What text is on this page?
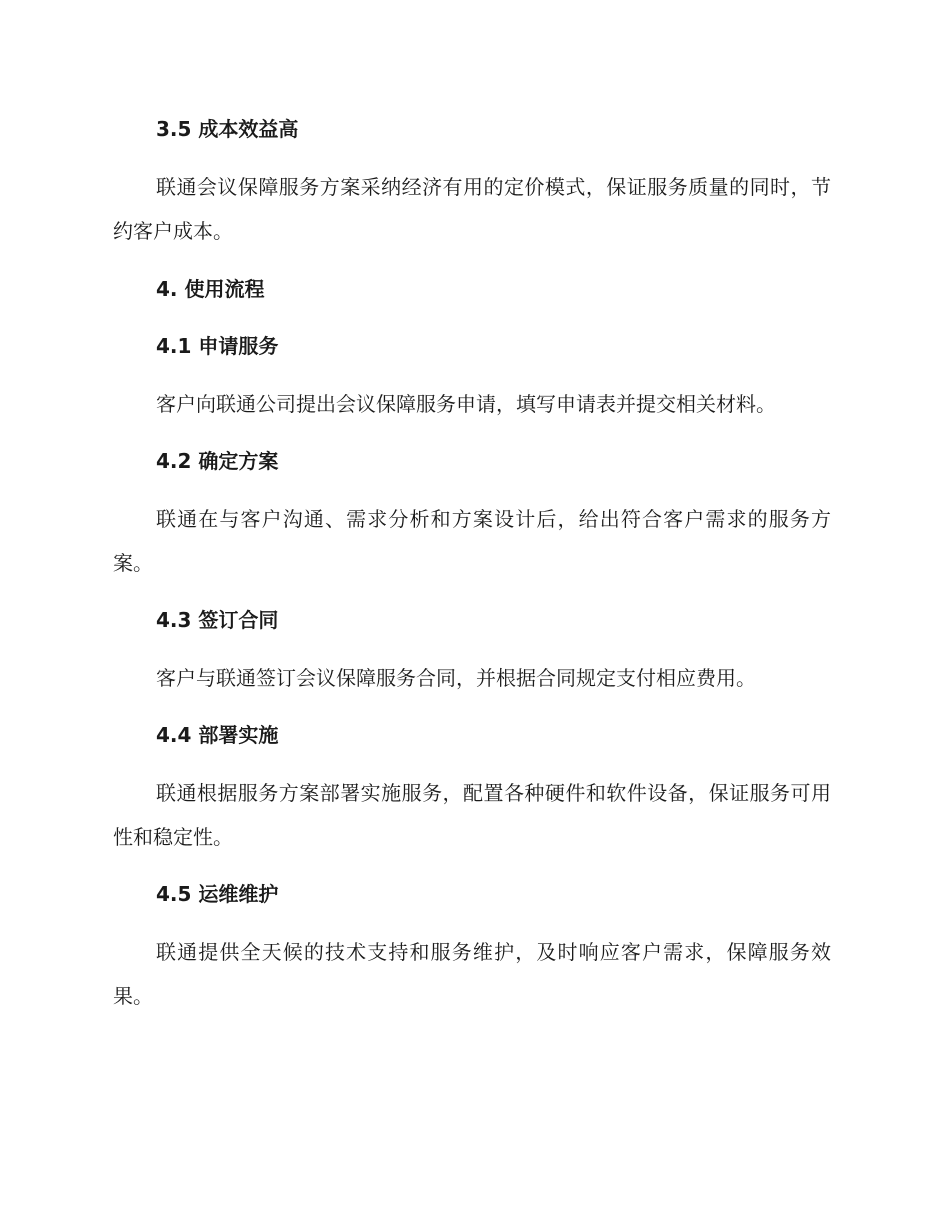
3.5 成本效益高
联通会议保障服务方案采纳经济有用的定价模式，保证服务质量的同时，节约客户成本。
4. 使用流程
4.1 申请服务
客户向联通公司提出会议保障服务申请，填写申请表并提交相关材料。
4.2 确定方案
联通在与客户沟通、需求分析和方案设计后，给出符合客户需求的服务方案。
4.3 签订合同
客户与联通签订会议保障服务合同，并根据合同规定支付相应费用。
4.4 部署实施
联通根据服务方案部署实施服务，配置各种硬件和软件设备，保证服务可用性和稳定性。
4.5 运维维护
联通提供全天候的技术支持和服务维护，及时响应客户需求，保障服务效果。
